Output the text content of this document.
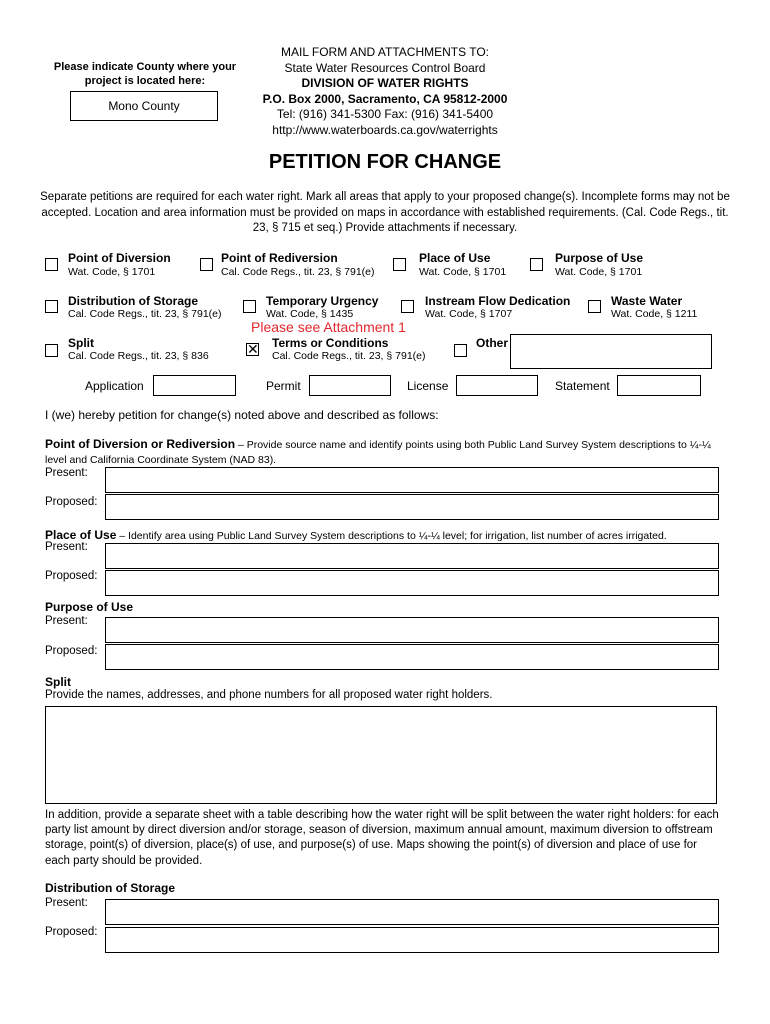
Please indicate County where your project is located here:
Mono County
MAIL FORM AND ATTACHMENTS TO:
State Water Resources Control Board
DIVISION OF WATER RIGHTS
P.O. Box 2000, Sacramento, CA 95812-2000
Tel: (916) 341-5300 Fax: (916) 341-5400
http://www.waterboards.ca.gov/waterrights
PETITION FOR CHANGE
Separate petitions are required for each water right. Mark all areas that apply to your proposed change(s). Incomplete forms may not be accepted. Location and area information must be provided on maps in accordance with established requirements. (Cal. Code Regs., tit. 23, § 715 et seq.) Provide attachments if necessary.
Point of Diversion
Wat. Code, § 1701
Point of Rediversion
Cal. Code Regs., tit. 23, § 791(e)
Place of Use
Wat. Code, § 1701
Purpose of Use
Wat. Code, § 1701
Distribution of Storage
Cal. Code Regs., tit. 23, § 791(e)
Temporary Urgency
Wat. Code, § 1435
Instream Flow Dedication
Wat. Code, § 1707
Waste Water
Wat. Code, § 1211
Please see Attachment 1
Split
Cal. Code Regs., tit. 23, § 836	✕ Terms or Conditions
Cal. Code Regs., tit. 23, § 791(e)
Other
Application	Permit	License	Statement
I (we) hereby petition for change(s) noted above and described as follows:
Point of Diversion or Rediversion – Provide source name and identify points using both Public Land Survey System descriptions to ¼-¼ level and California Coordinate System (NAD 83).
Present:
Proposed:
Place of Use – Identify area using Public Land Survey System descriptions to ¼-¼ level; for irrigation, list number of acres irrigated.
Present:
Proposed:
Purpose of Use
Present:
Proposed:
Split
Provide the names, addresses, and phone numbers for all proposed water right holders.
In addition, provide a separate sheet with a table describing how the water right will be split between the water right holders: for each party list amount by direct diversion and/or storage, season of diversion, maximum annual amount, maximum diversion to offstream storage, point(s) of diversion, place(s) of use, and purpose(s) of use. Maps showing the point(s) of diversion and place of use for each party should be provided.
Distribution of Storage
Present:
Proposed:
